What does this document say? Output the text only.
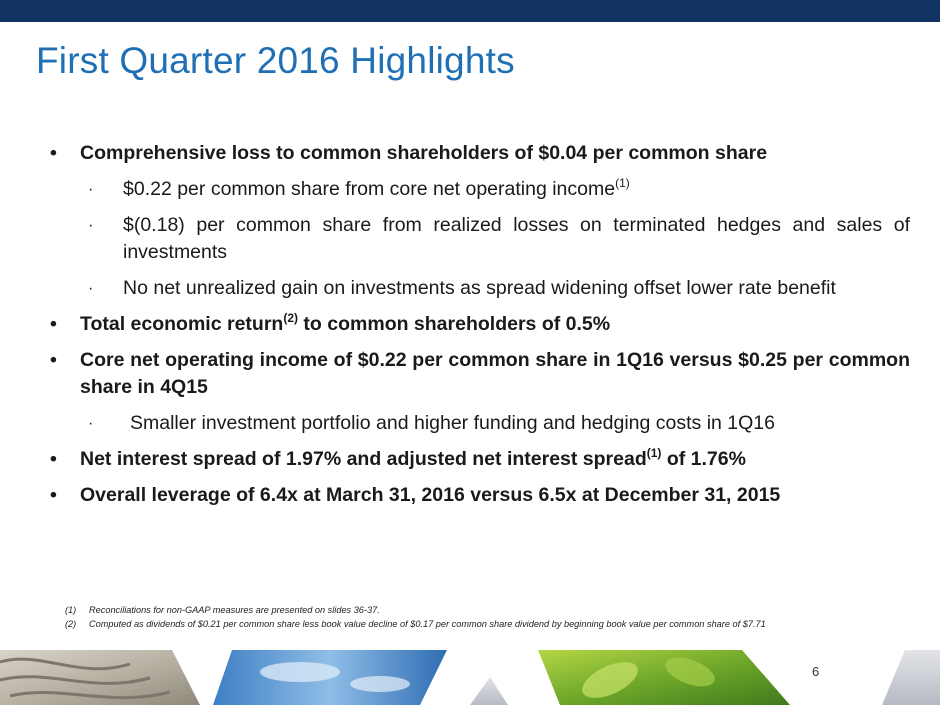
First Quarter 2016 Highlights
• Comprehensive loss to common shareholders of $0.04 per common share
· $0.22 per common share from core net operating income$^{(1)}$
· $(0.18) per common share from realized losses on terminated hedges and sales of investments
· No net unrealized gain on investments as spread widening offset lower rate benefit
• Total economic return$^{(2)}$ to common shareholders of 0.5%
• Core net operating income of $0.22 per common share in 1Q16 versus $0.25 per common share in 4Q15
· Smaller investment portfolio and higher funding and hedging costs in 1Q16
• Net interest spread of 1.97% and adjusted net interest spread$^{(1)}$ of 1.76%
• Overall leverage of 6.4x at March 31, 2016 versus 6.5x at December 31, 2015
(1) Reconciliations for non-GAAP measures are presented on slides 36-37.
(2) Computed as dividends of $0.21 per common share less book value decline of $0.17 per common share dividend by beginning book value per common share of $7.71
6
